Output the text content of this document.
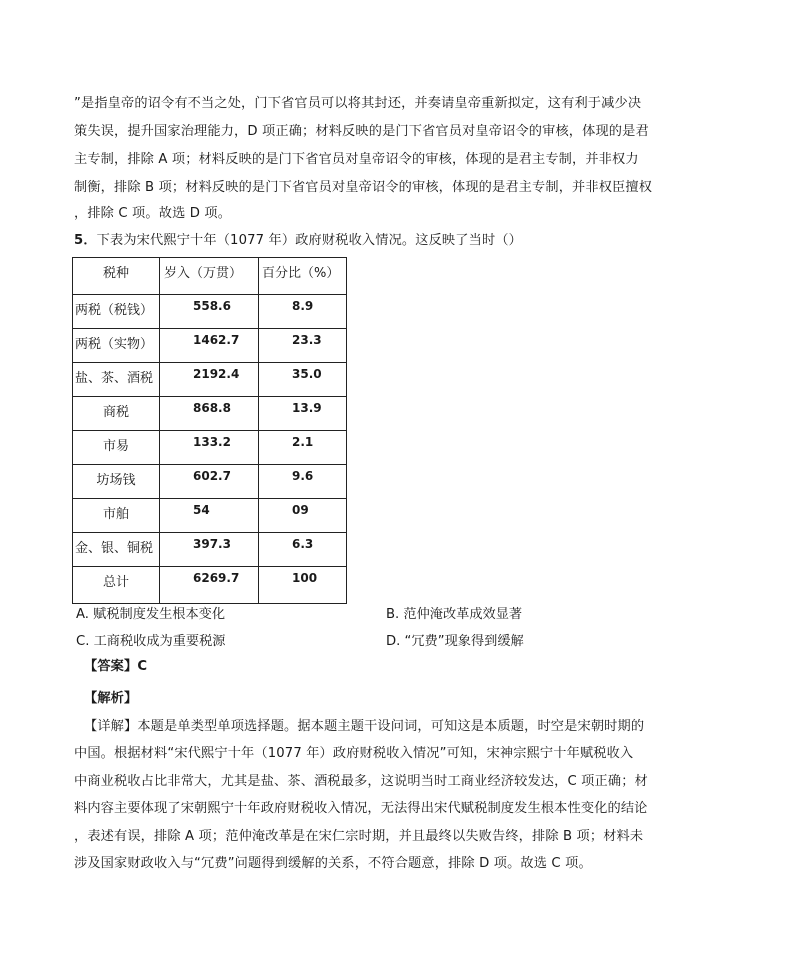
”是指皇帝的诏令有不当之处，门下省官员可以将其封还，并奏请皇帝重新拟定，这有利于减少决
策失误，提升国家治理能力，D 项正确；材料反映的是门下省官员对皇帝诏令的审核，体现的是君
主专制，排除 A 项；材料反映的是门下省官员对皇帝诏令的审核，体现的是君主专制，并非权力
制衡，排除 B 项；材料反映的是门下省官员对皇帝诏令的审核，体现的是君主专制，并非权臣擅权
，排除 C 项。故选 D 项。
5．下表为宋代熙宁十年（1077 年）政府财税收入情况。这反映了当时（）
税种	岁入（万贯）	百分比（%）

两税（税钱）	558.6	8.9

两税（实物）	1462.7	23.3

盐、茶、酒税	2192.4	35.0

商税	868.8	13.9

市易	133.2	2.1

坊场钱	602.7	9.6

市舶	54	09

金、银、铜税	397.3	6.3

总计	6269.7	100
A. 赋税制度发生根本变化	B. 范仲淹改革成效显著
C. 工商税收成为重要税源	D. “冗费”现象得到缓解
【答案】C
【解析】
【详解】本题是单类型单项选择题。据本题主题干设问词，可知这是本质题，时空是宋朝时期的
中国。根据材料“宋代熙宁十年（1077 年）政府财税收入情况”可知，宋神宗熙宁十年赋税收入
中商业税收占比非常大，尤其是盐、茶、酒税最多，这说明当时工商业经济较发达，C 项正确；材
料内容主要体现了宋朝熙宁十年政府财税收入情况，无法得出宋代赋税制度发生根本性变化的结论
，表述有误，排除 A 项；范仲淹改革是在宋仁宗时期，并且最终以失败告终，排除 B 项；材料未
涉及国家财政收入与“冗费”问题得到缓解的关系，不符合题意，排除 D 项。故选 C 项。
